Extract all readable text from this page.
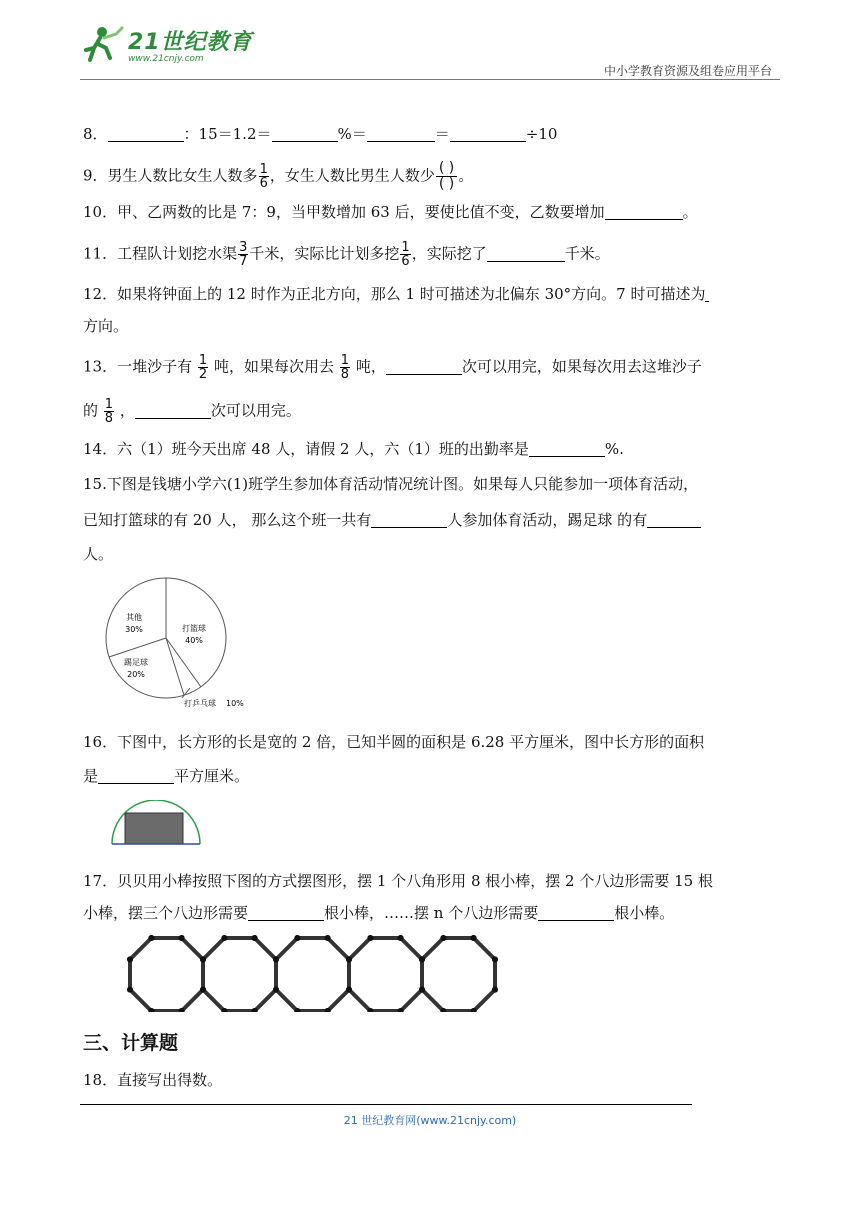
21世纪教育
www.21cnjy.com
中小学教育资源及组卷应用平台
8．	：15＝1.2＝	%＝	＝	÷10
9．男生人数比女生人数多 $\frac{1}{6}$ ，女生人数比男生人数少 $\frac{( )}{( )}$ 。
10．甲、乙两数的比是 7：9，当甲数增加 63 后，要使比值不变，乙数要增加	。
11．工程队计划挖水渠 $\frac{3}{7}$ 千米，实际比计划多挖 $\frac{1}{6}$ ，实际挖了	千米。
12．如果将钟面上的 12 时作为正北方向，那么 1 时可描述为北偏东 30°方向。7 时可描述为
方向。
13．一堆沙子有 $\frac{1}{2}$ 吨，如果每次用去 $\frac{1}{8}$ 吨，	次可以用完，如果每次用去这堆沙子
的 $\frac{1}{8}$ ，	次可以用完。
14．六（1）班今天出席 48 人，请假 2 人，六（1）班的出勤率是	%.
15.下图是钱塘小学六(1)班学生参加体育活动情况统计图。如果每人只能参加一项体育活动，
已知打篮球的有 20 人， 那么这个班一共有	人参加体育活动，踢足球 的有
人。
打篮球
40%
其他
30%
踢足球
20%
打乒乓球 10%
16．下图中，长方形的长是宽的 2 倍，已知半圆的面积是 6.28 平方厘米，图中长方形的面积
是	平方厘米。
17．贝贝用小棒按照下图的方式摆图形，摆 1 个八角形用 8 根小棒，摆 2 个八边形需要 15 根
小棒，摆三个八边形需要	根小棒，……摆 n 个八边形需要	根小棒。
三、计算题
18．直接写出得数。
21 世纪教育网(www.21cnjy.com)
